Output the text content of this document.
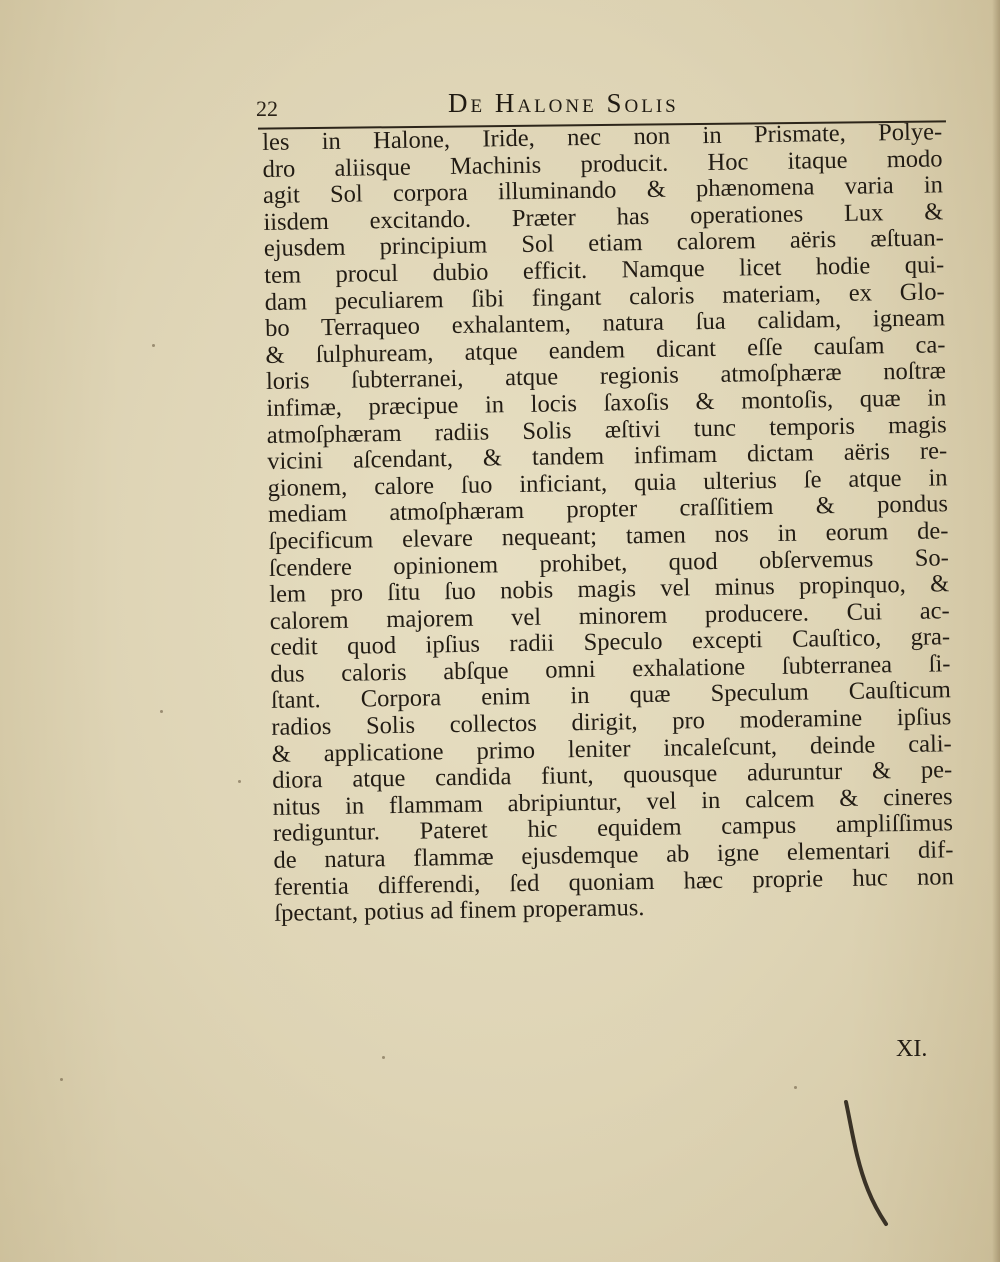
22	De Halone Solis
les in Halone, Iride, nec non in Prismate, Polye-
dro aliisque Machinis producit. Hoc itaque modo
agit Sol corpora illuminando & phænomena varia in
iisdem excitando. Præter has operationes Lux &
ejusdem principium Sol etiam calorem aëris æſtuan-
tem procul dubio efficit. Namque licet hodie qui-
dam peculiarem ſibi fingant caloris materiam, ex Glo-
bo Terraqueo exhalantem, natura ſua calidam, igneam
& ſulphuream, atque eandem dicant eſſe cauſam ca-
loris ſubterranei, atque regionis atmoſphæræ noſtræ
infimæ, præcipue in locis ſaxoſis & montoſis, quæ in
atmoſphæram radiis Solis æſtivi tunc temporis magis
vicini aſcendant, & tandem infimam dictam aëris re-
gionem, calore ſuo inficiant, quia ulterius ſe atque in
mediam atmoſphæram propter craſſitiem & pondus
ſpecificum elevare nequeant; tamen nos in eorum de-
ſcendere opinionem prohibet, quod obſervemus So-
lem pro ſitu ſuo nobis magis vel minus propinquo, &
calorem majorem vel minorem producere. Cui ac-
cedit quod ipſius radii Speculo excepti Cauſtico, gra-
dus caloris abſque omni exhalatione ſubterranea ſi-
ſtant. Corpora enim in quæ Speculum Cauſticum
radios Solis collectos dirigit, pro moderamine ipſius
& applicatione primo leniter incaleſcunt, deinde cali-
diora atque candida fiunt, quousque aduruntur & pe-
nitus in flammam abripiuntur, vel in calcem & cineres
rediguntur. Pateret hic equidem campus ampliſſimus
de natura flammæ ejusdemque ab igne elementari dif-
ferentia differendi, ſed quoniam hæc proprie huc non
ſpectant, potius ad finem properamus.
XI.
